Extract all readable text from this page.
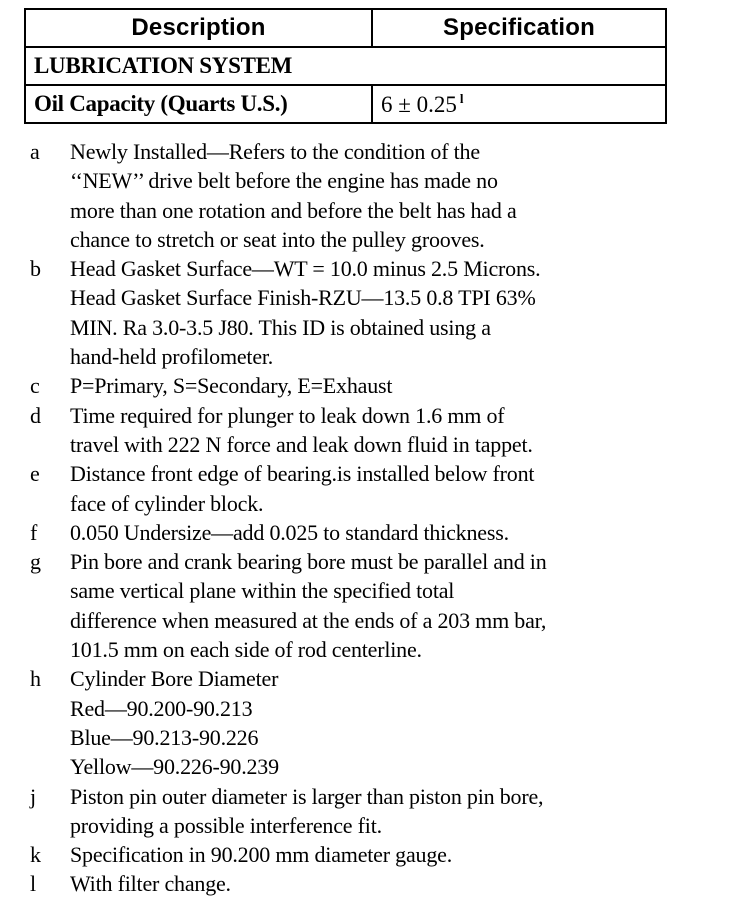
Description	Specification
LUBRICATION SYSTEM	
Oil Capacity (Quarts U.S.)	6 ± 0.25 $^l$
a	Newly Installed—Refers to the condition of the
‘‘NEW’’ drive belt before the engine has made no
more than one rotation and before the belt has had a
chance to stretch or seat into the pulley grooves.
b	Head Gasket Surface—WT = 10.0 minus 2.5 Microns.
Head Gasket Surface Finish-RZU—13.5 0.8 TPI 63%
MIN. Ra 3.0-3.5 J80. This ID is obtained using a
hand-held profilometer.
c	P=Primary, S=Secondary, E=Exhaust
d	Time required for plunger to leak down 1.6 mm of
travel with 222 N force and leak down fluid in tappet.
e	Distance front edge of bearing.is installed below front
face of cylinder block.
f	0.050 Undersize—add 0.025 to standard thickness.
g	Pin bore and crank bearing bore must be parallel and in
same vertical plane within the specified total
difference when measured at the ends of a 203 mm bar,
101.5 mm on each side of rod centerline.
h	Cylinder Bore Diameter
Red—90.200-90.213
Blue—90.213-90.226
Yellow—90.226-90.239
j	Piston pin outer diameter is larger than piston pin bore,
providing a possible interference fit.
k	Specification in 90.200 mm diameter gauge.
l	With filter change.
